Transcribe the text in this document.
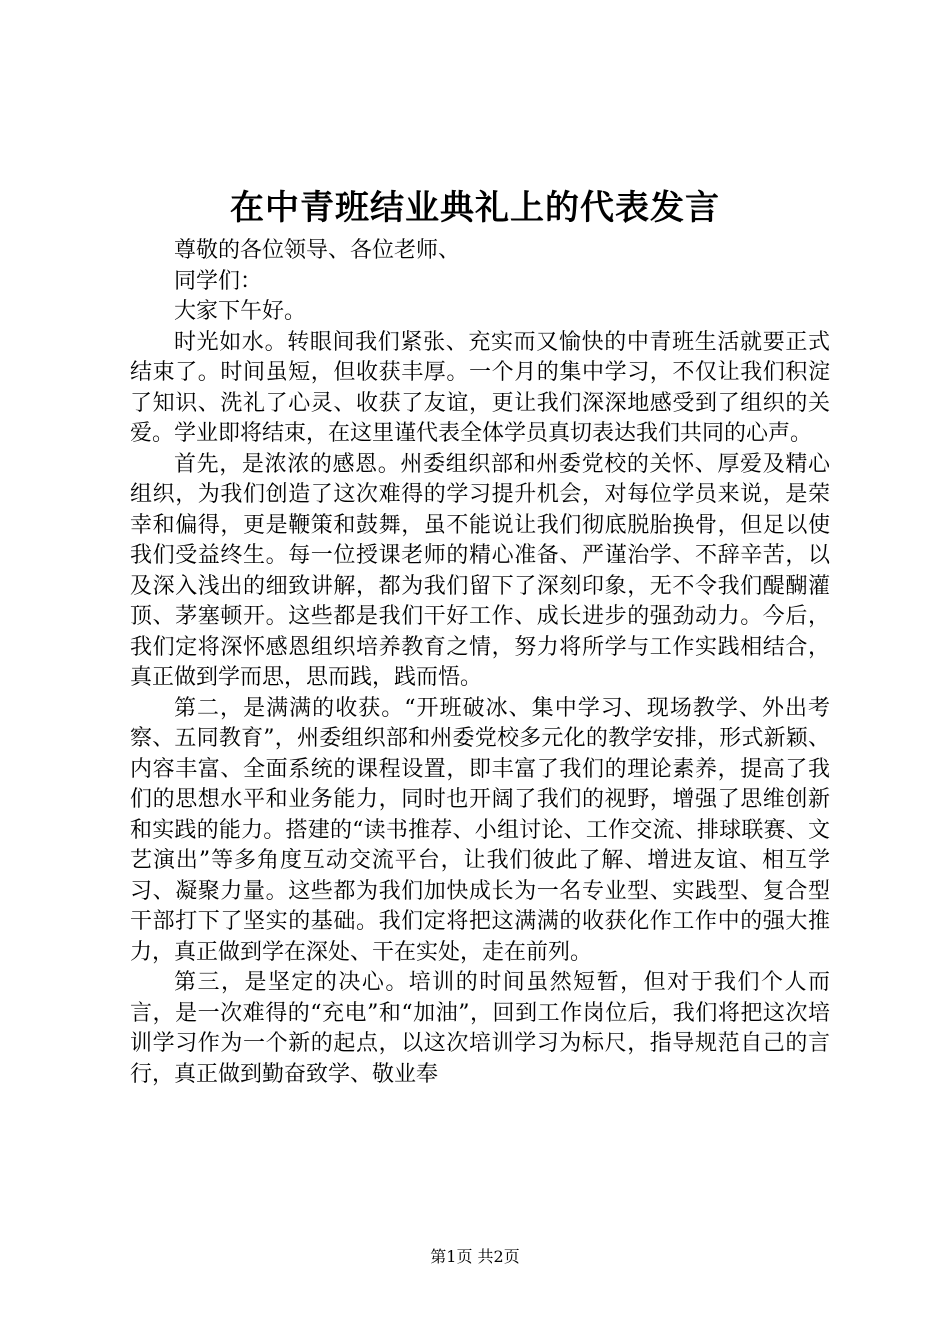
在中青班结业典礼上的代表发言

尊敬的各位领导、各位老师、

同学们：

大家下午好。

时光如水。转眼间我们紧张、充实而又愉快的中青班生活就要正式结束了。时间虽短，但收获丰厚。一个月的集中学习，不仅让我们积淀了知识、洗礼了心灵、收获了友谊，更让我们深深地感受到了组织的关爱。学业即将结束，在这里谨代表全体学员真切表达我们共同的心声。

首先，是浓浓的感恩。州委组织部和州委党校的关怀、厚爱及精心组织，为我们创造了这次难得的学习提升机会，对每位学员来说，是荣幸和偏得，更是鞭策和鼓舞，虽不能说让我们彻底脱胎换骨，但足以使我们受益终生。每一位授课老师的精心准备、严谨治学、不辞辛苦，以及深入浅出的细致讲解，都为我们留下了深刻印象，无不令我们醍醐灌顶、茅塞顿开。这些都是我们干好工作、成长进步的强劲动力。今后，我们定将深怀感恩组织培养教育之情，努力将所学与工作实践相结合，真正做到学而思，思而践，践而悟。

第二，是满满的收获。“开班破冰、集中学习、现场教学、外出考察、五同教育”，州委组织部和州委党校多元化的教学安排，形式新颖、内容丰富、全面系统的课程设置，即丰富了我们的理论素养，提高了我们的思想水平和业务能力，同时也开阔了我们的视野，增强了思维创新和实践的能力。搭建的“读书推荐、小组讨论、工作交流、排球联赛、文艺演出”等多角度互动交流平台，让我们彼此了解、增进友谊、相互学习、凝聚力量。这些都为我们加快成长为一名专业型、实践型、复合型干部打下了坚实的基础。我们定将把这满满的收获化作工作中的强大推力，真正做到学在深处、干在实处，走在前列。

第三，是坚定的决心。培训的时间虽然短暂，但对于我们个人而言，是一次难得的“充电”和“加油”，回到工作岗位后，我们将把这次培训学习作为一个新的起点，以这次培训学习为标尺，指导规范自己的言行，真正做到勤奋致学、敬业奉

第1页 共2页
